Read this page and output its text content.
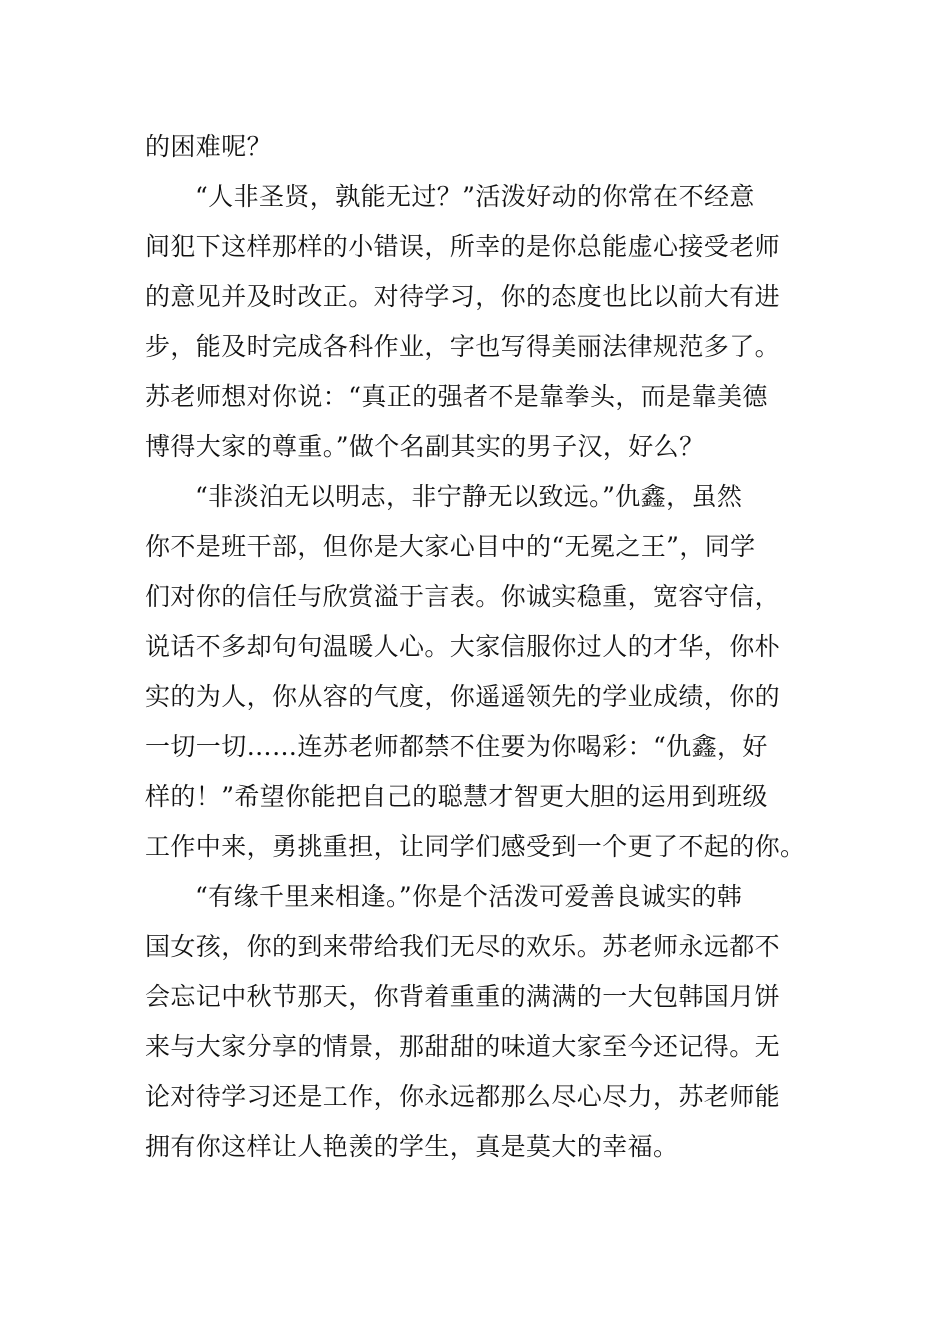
的困难呢？
“人非圣贤，孰能无过？”活泼好动的你常在不经意
间犯下这样那样的小错误，所幸的是你总能虚心接受老师
的意见并及时改正。对待学习，你的态度也比以前大有进
步，能及时完成各科作业，字也写得美丽法律规范多了。
苏老师想对你说：“真正的强者不是靠拳头，而是靠美德
博得大家的尊重。”做个名副其实的男子汉，好么？
“非淡泊无以明志，非宁静无以致远。”仇鑫，虽然
你不是班干部，但你是大家心目中的“无冕之王”，同学
们对你的信任与欣赏溢于言表。你诚实稳重，宽容守信，
说话不多却句句温暖人心。大家信服你过人的才华，你朴
实的为人，你从容的气度，你遥遥领先的学业成绩，你的
一切一切……连苏老师都禁不住要为你喝彩：“仇鑫，好
样的！”希望你能把自己的聪慧才智更大胆的运用到班级
工作中来，勇挑重担，让同学们感受到一个更了不起的你。
“有缘千里来相逢。”你是个活泼可爱善良诚实的韩
国女孩，你的到来带给我们无尽的欢乐。苏老师永远都不
会忘记中秋节那天，你背着重重的满满的一大包韩国月饼
来与大家分享的情景，那甜甜的味道大家至今还记得。无
论对待学习还是工作，你永远都那么尽心尽力，苏老师能
拥有你这样让人艳羡的学生，真是莫大的幸福。
